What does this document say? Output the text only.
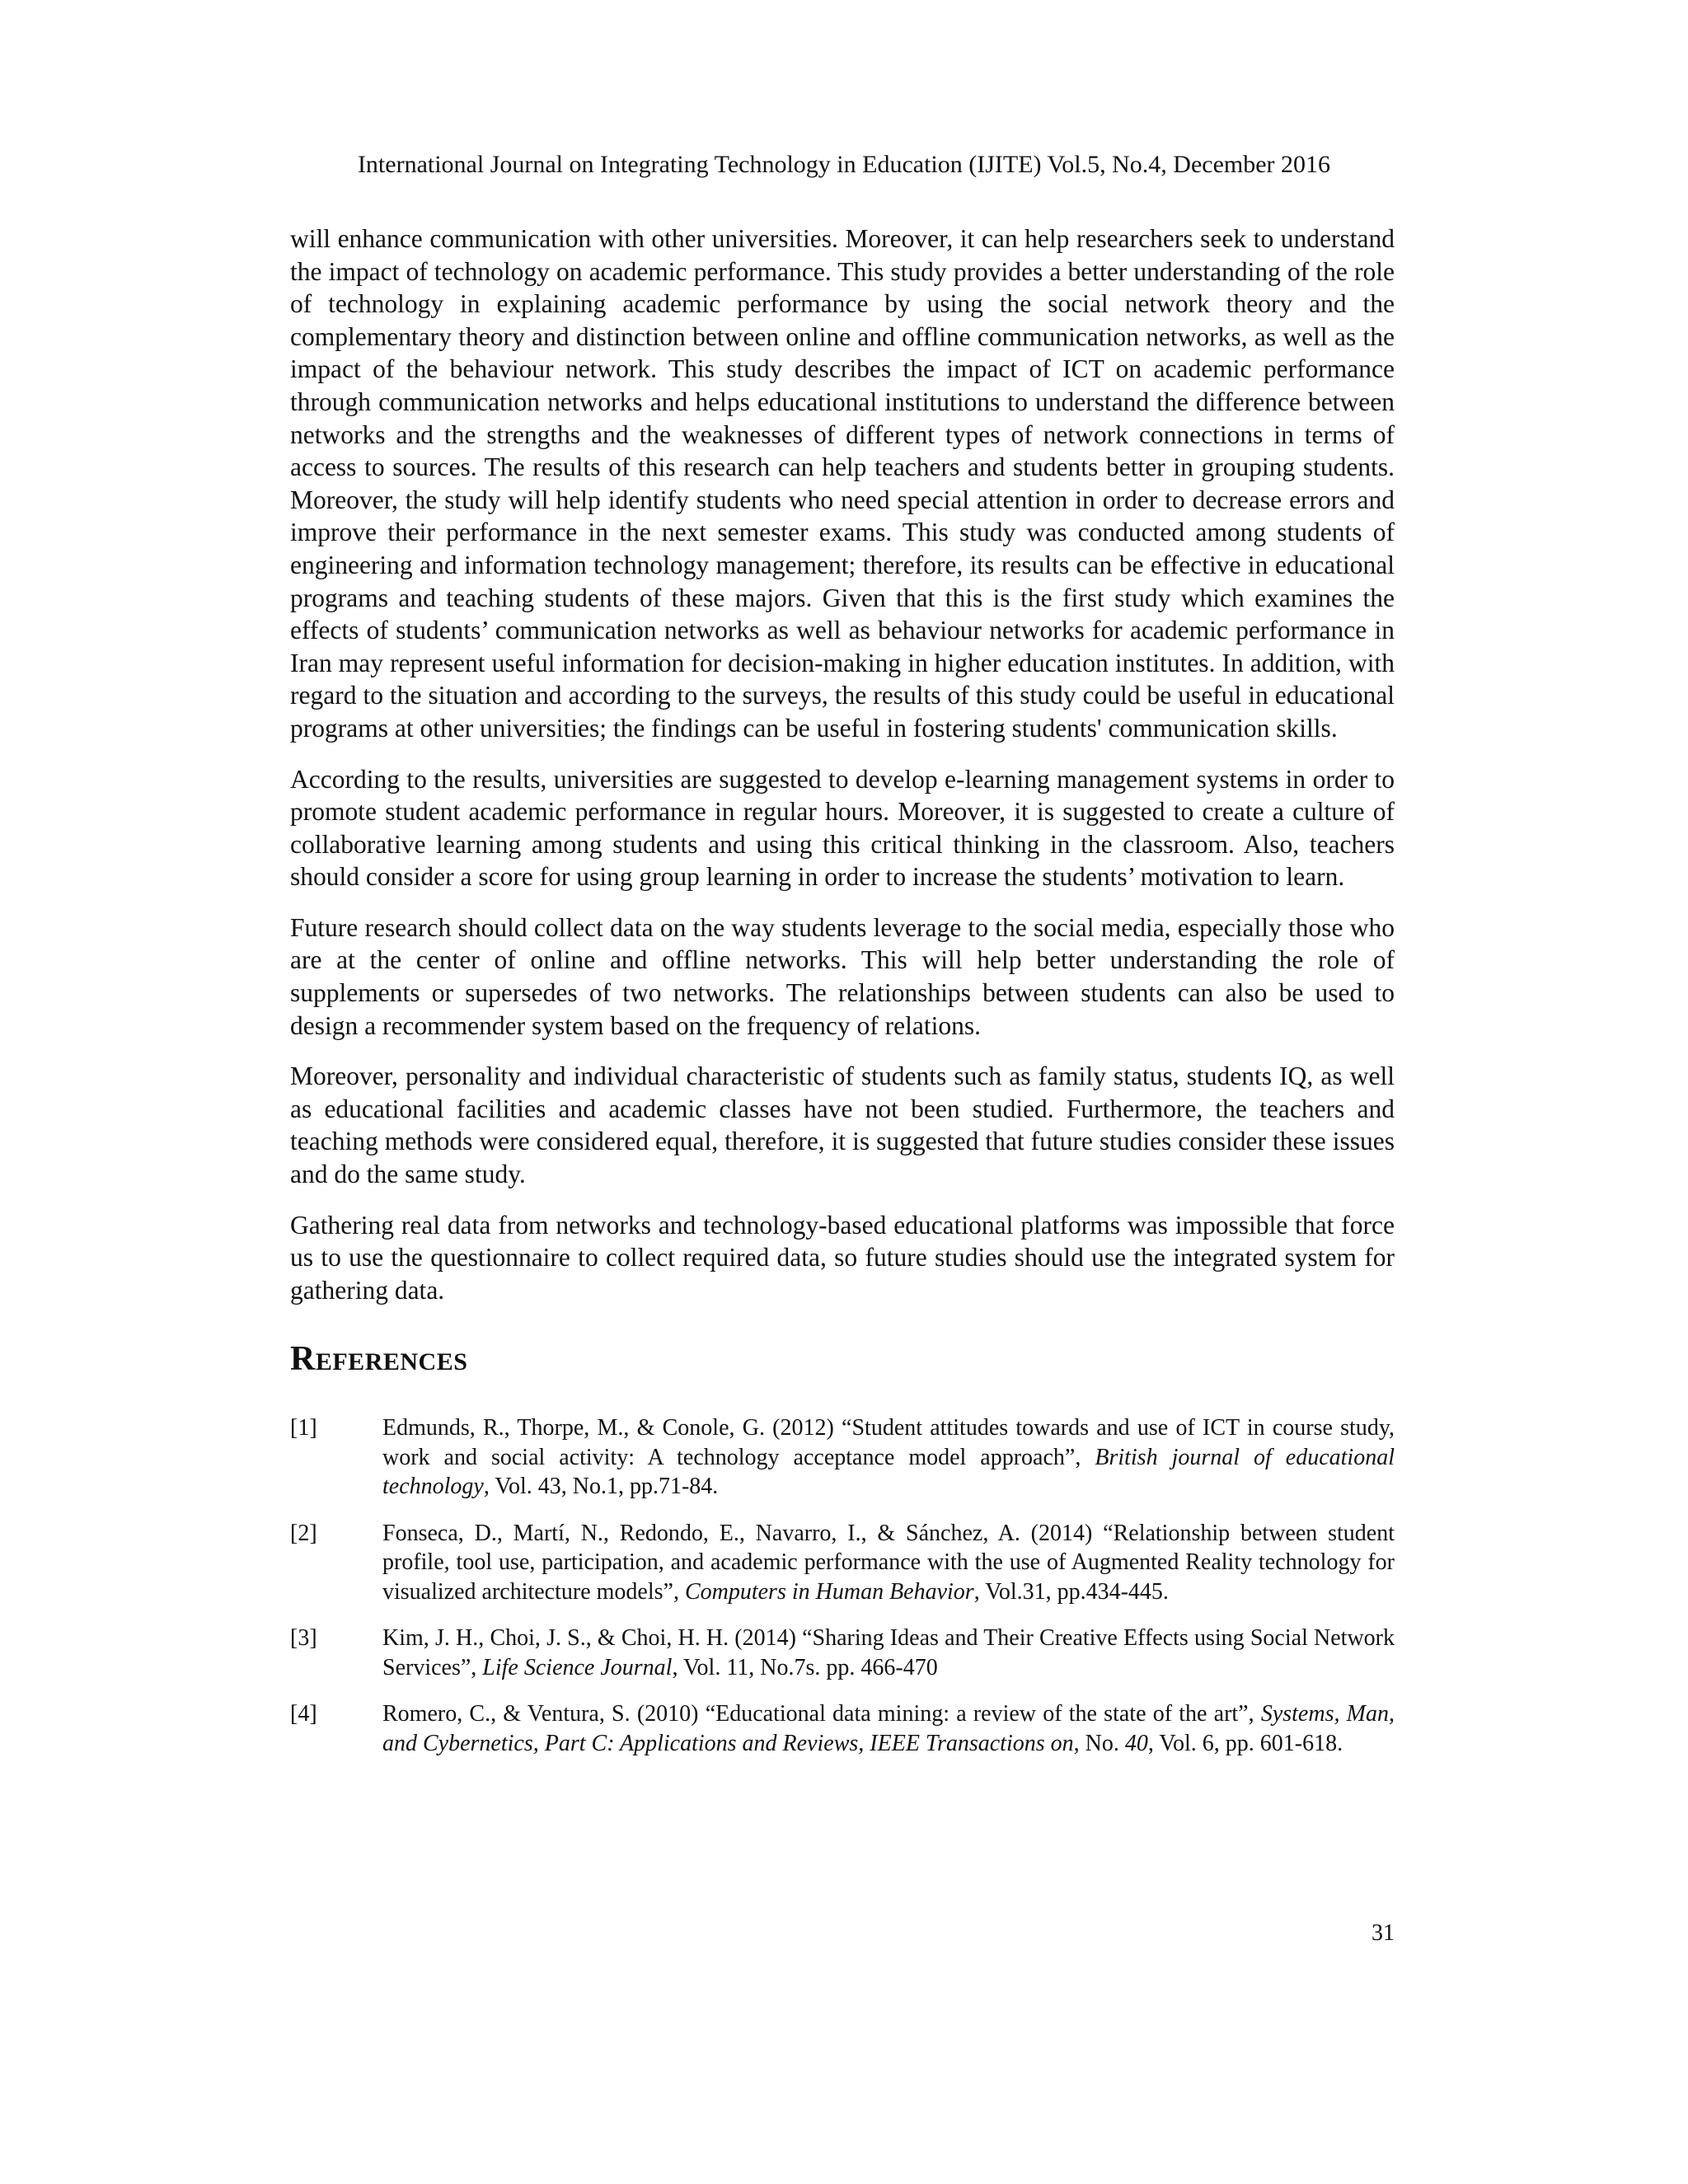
International Journal on Integrating Technology in Education (IJITE) Vol.5, No.4, December 2016

will enhance communication with other universities. Moreover, it can help researchers seek to understand the impact of technology on academic performance. This study provides a better understanding of the role of technology in explaining academic performance by using the social network theory and the complementary theory and distinction between online and offline communication networks, as well as the impact of the behaviour network. This study describes the impact of ICT on academic performance through communication networks and helps educational institutions to understand the difference between networks and the strengths and the weaknesses of different types of network connections in terms of access to sources. The results of this research can help teachers and students better in grouping students. Moreover, the study will help identify students who need special attention in order to decrease errors and improve their performance in the next semester exams. This study was conducted among students of engineering and information technology management; therefore, its results can be effective in educational programs and teaching students of these majors. Given that this is the first study which examines the effects of students’ communication networks as well as behaviour networks for academic performance in Iran may represent useful information for decision-making in higher education institutes. In addition, with regard to the situation and according to the surveys, the results of this study could be useful in educational programs at other universities; the findings can be useful in fostering students' communication skills.

According to the results, universities are suggested to develop e-learning management systems in order to promote student academic performance in regular hours. Moreover, it is suggested to create a culture of collaborative learning among students and using this critical thinking in the classroom. Also, teachers should consider a score for using group learning in order to increase the students’ motivation to learn.

Future research should collect data on the way students leverage to the social media, especially those who are at the center of online and offline networks. This will help better understanding the role of supplements or supersedes of two networks. The relationships between students can also be used to design a recommender system based on the frequency of relations.

Moreover, personality and individual characteristic of students such as family status, students IQ, as well as educational facilities and academic classes have not been studied. Furthermore, the teachers and teaching methods were considered equal, therefore, it is suggested that future studies consider these issues and do the same study.

Gathering real data from networks and technology-based educational platforms was impossible that force us to use the questionnaire to collect required data, so future studies should use the integrated system for gathering data.

REFERENCES
[1]	Edmunds, R., Thorpe, M., & Conole, G. (2012) “Student attitudes towards and use of ICT in course study, work and social activity: A technology acceptance model approach”, British journal of educational technology, Vol. 43, No.1, pp.71-84.
[2]	Fonseca, D., Martí, N., Redondo, E., Navarro, I., & Sánchez, A. (2014) “Relationship between student profile, tool use, participation, and academic performance with the use of Augmented Reality technology for visualized architecture models”, Computers in Human Behavior, Vol.31, pp.434-445.
[3]	Kim, J. H., Choi, J. S., & Choi, H. H. (2014) “Sharing Ideas and Their Creative Effects using Social Network Services”, Life Science Journal, Vol. 11, No.7s. pp. 466-470
[4]	Romero, C., & Ventura, S. (2010) “Educational data mining: a review of the state of the art”, Systems, Man, and Cybernetics, Part C: Applications and Reviews, IEEE Transactions on, No. 40, Vol. 6, pp. 601-618.
31
